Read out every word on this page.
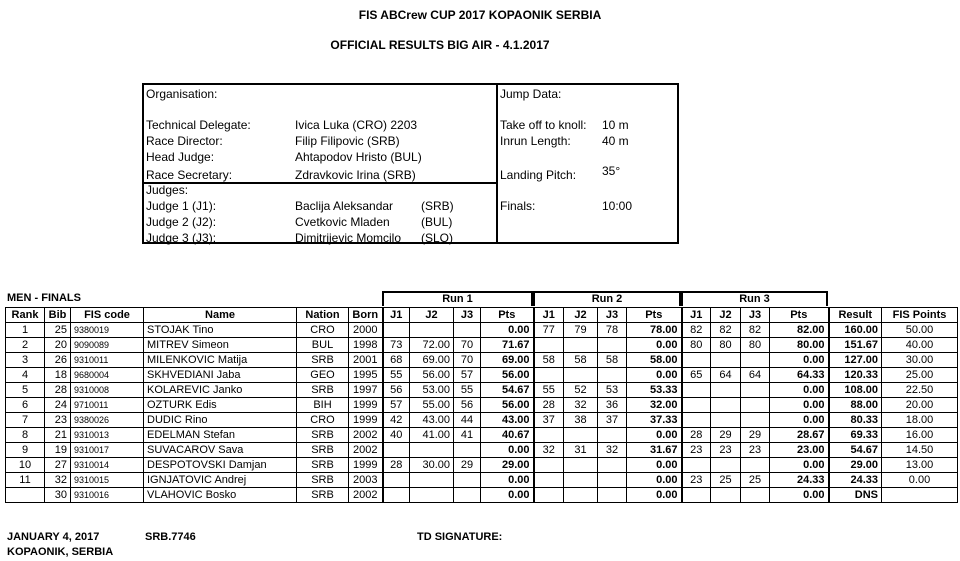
FIS ABCrew CUP 2017 KOPAONIK SERBIA
OFFICIAL RESULTS BIG AIR - 4.1.2017
Organisation:
Technical Delegate:	Ivica Luka (CRO) 2203
Race Director:	Filip Filipovic (SRB)
Head Judge:	Ahtapodov Hristo (BUL)
Race Secretary:	Zdravkovic Irina (SRB)
Judges:
Judge 1 (J1):	Baclija Aleksandar (SRB)
Judge 2 (J2):	Cvetkovic Mladen	(BUL)
Judge 3 (J3):	Dimitrijevic Momcilo (SLO)
Jump Data:
Take off to knoll: 10 m
Inrun Length:	40 m
Landing Pitch: 35°
Finals:	10:00
MEN - FINALS	Run 1	Run 2	Run 3
Rank	Bib	FIS code	Name	Nation	Born	J1	J2	J3	Pts	J1	J2	J3	Pts	J1	J2	J3	Pts	Result	FIS Points
1	25	9380019	STOJAK Tino	CRO	2000				0.00	77	79	78	78.00	82	82	82	82.00	160.00	50.00
2	20	9090089	MITREV Simeon	BUL	1998	73	72.00	70	71.67				0.00	80	80	80	80.00	151.67	40.00
3	26	9310011	MILENKOVIC Matija	SRB	2001	68	69.00	70	69.00	58	58	58	58.00				0.00	127.00	30.00
4	18	9680004	SKHVEDIANI Jaba	GEO	1995	55	56.00	57	56.00				0.00	65	64	64	64.33	120.33	25.00
5	28	9310008	KOLAREVIC Janko	SRB	1997	56	53.00	55	54.67	55	52	53	53.33				0.00	108.00	22.50
6	24	9710011	OZTURK Edis	BIH	1999	57	55.00	56	56.00	28	32	36	32.00				0.00	88.00	20.00
7	23	9380026	DUDIC Rino	CRO	1999	42	43.00	44	43.00	37	38	37	37.33				0.00	80.33	18.00
8	21	9310013	EDELMAN Stefan	SRB	2002	40	41.00	41	40.67				0.00	28	29	29	28.67	69.33	16.00
9	19	9310017	SUVACAROV Sava	SRB	2002				0.00	32	31	32	31.67	23	23	23	23.00	54.67	14.50
10	27	9310014	DESPOTOVSKI Damjan	SRB	1999	28	30.00	29	29.00				0.00				0.00	29.00	13.00
11	32	9310015	IGNJATOVIC Andrej	SRB	2003				0.00				0.00	23	25	25	24.33	24.33	0.00
	30	9310016	VLAHOVIC Bosko	SRB	2002				0.00				0.00				0.00	DNS	
JANUARY 4, 2017	SRB.7746	TD SIGNATURE:
KOPAONIK, SERBIA
